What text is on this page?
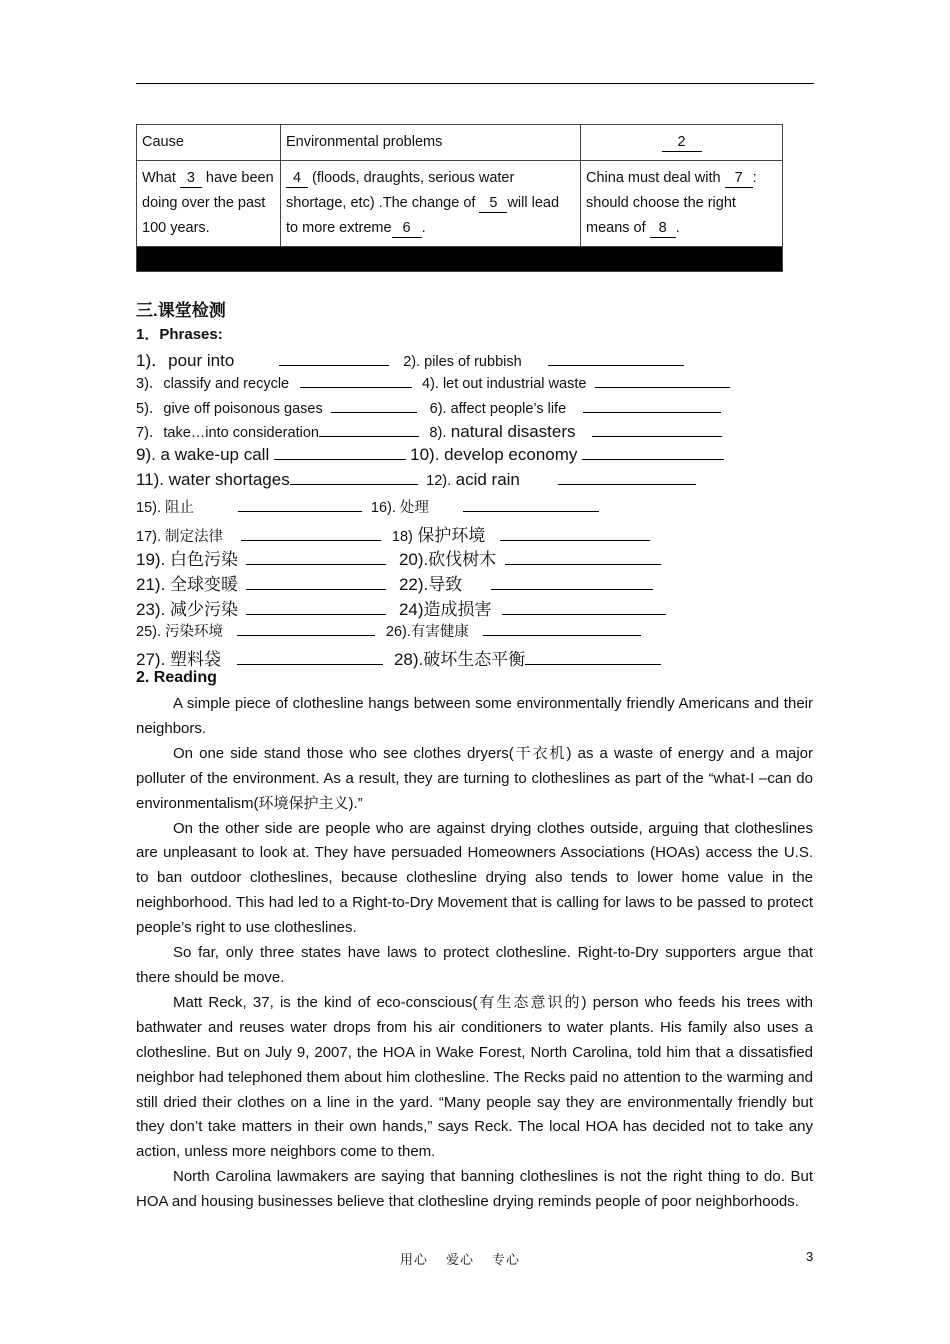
Cause	Environmental problems	2
What 3 have been doing over the past 100 years.	4 (floods, draughts, serious water shortage, etc) .The change of 5 will lead to more extreme 6 .	China must deal with 7 : should choose the right means of 8 .

三.课堂检测
1．Phrases:
1)．pour into	2). piles of rubbish
3)．classify and recycle	4). let out industrial waste
5)．give off poisonous gases	6). affect people’s life
7)．take…into consideration	8). natural disasters
9). a wake-up call	10). develop economy
11). water shortages	12). acid rain
15). 阻止	16). 处理
17). 制定法律	18) 保护环境
19). 白色污染	20).砍伐树木
21). 全球变暖	22).导致
23). 减少污染	24)造成损害
25). 污染环境	26).有害健康
27). 塑料袋	28).破坏生态平衡
2. Reading

A simple piece of clothesline hangs between some environmentally friendly Americans and their neighbors.

On one side stand those who see clothes dryers(干衣机) as a waste of energy and a major polluter of the environment. As a result, they are turning to clotheslines as part of the “what-I –can do environmentalism(环境保护主义).”

On the other side are people who are against drying clothes outside, arguing that clotheslines are unpleasant to look at. They have persuaded Homeowners Associations (HOAs) access the U.S. to ban outdoor clotheslines, because clothesline drying also tends to lower home value in the neighborhood. This had led to a Right-to-Dry Movement that is calling for laws to be passed to protect people’s right to use clotheslines.

So far, only three states have laws to protect clothesline. Right-to-Dry supporters argue that there should be move.

Matt Reck, 37, is the kind of eco-conscious(有生态意识的) person who feeds his trees with bathwater and reuses water drops from his air conditioners to water plants. His family also uses a clothesline. But on July 9, 2007, the HOA in Wake Forest, North Carolina, told him that a dissatisfied neighbor had telephoned them about him clothesline. The Recks paid no attention to the warming and still dried their clothes on a line in the yard. “Many people say they are environmentally friendly but they don’t take matters in their own hands,” says Reck. The local HOA has decided not to take any action, unless more neighbors come to them.

North Carolina lawmakers are saying that banning clotheslines is not the right thing to do. But HOA and housing businesses believe that clothesline drying reminds people of poor neighborhoods.

用心 爱心 专心	3
